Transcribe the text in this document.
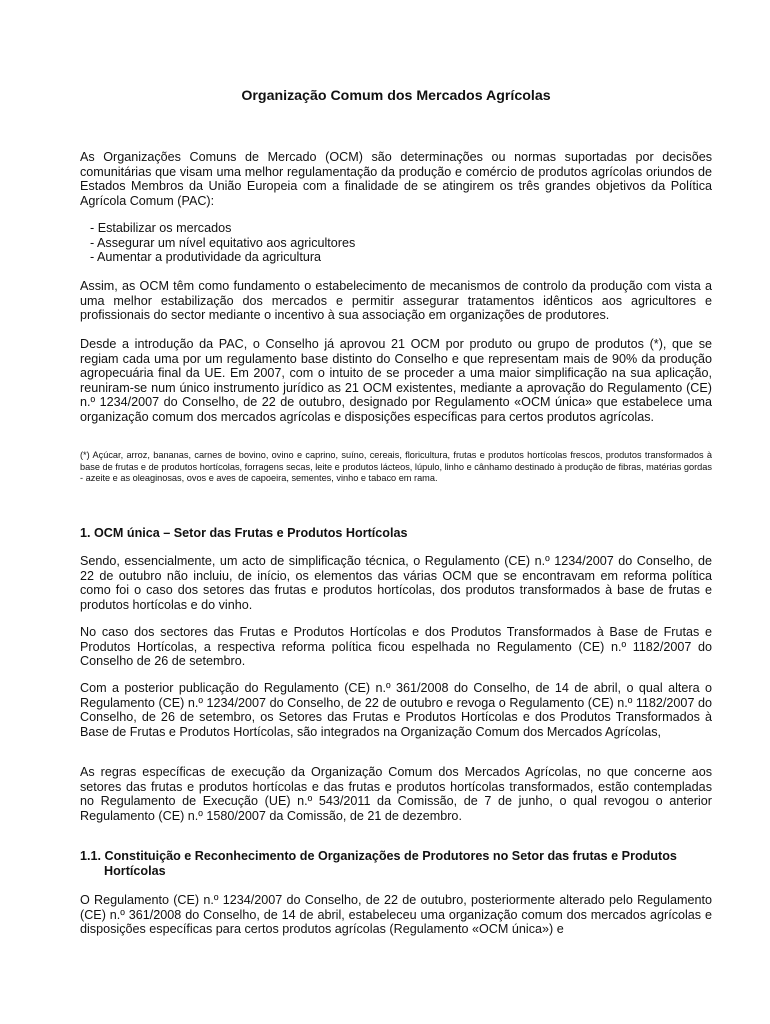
Organização Comum dos Mercados Agrícolas

As Organizações Comuns de Mercado (OCM) são determinações ou normas suportadas por decisões comunitárias que visam uma melhor regulamentação da produção e comércio de produtos agrícolas oriundos de Estados Membros da União Europeia com a finalidade de se atingirem os três grandes objetivos da Política Agrícola Comum (PAC):

- Estabilizar os mercados
- Assegurar um nível equitativo aos agricultores
- Aumentar a produtividade da agricultura

Assim, as OCM têm como fundamento o estabelecimento de mecanismos de controlo da produção com vista a uma melhor estabilização dos mercados e permitir assegurar tratamentos idênticos aos agricultores e profissionais do sector mediante o incentivo à sua associação em organizações de produtores.

Desde a introdução da PAC, o Conselho já aprovou 21 OCM por produto ou grupo de produtos (*), que se regiam cada uma por um regulamento base distinto do Conselho e que representam mais de 90% da produção agropecuária final da UE. Em 2007, com o intuito de se proceder a uma maior simplificação na sua aplicação, reuniram-se num único instrumento jurídico as 21 OCM existentes, mediante a aprovação do Regulamento (CE) n.º 1234/2007 do Conselho, de 22 de outubro, designado por Regulamento «OCM única» que estabelece uma organização comum dos mercados agrícolas e disposições específicas para certos produtos agrícolas.

(*) Açúcar, arroz, bananas, carnes de bovino, ovino e caprino, suíno, cereais, floricultura, frutas e produtos hortícolas frescos, produtos transformados à base de frutas e de produtos hortícolas, forragens secas, leite e produtos lácteos, lúpulo, linho e cânhamo destinado à produção de fibras, matérias gordas - azeite e as oleaginosas, ovos e aves de capoeira, sementes, vinho e tabaco em rama.

1. OCM única – Setor das Frutas e Produtos Hortícolas

Sendo, essencialmente, um acto de simplificação técnica, o Regulamento (CE) n.º 1234/2007 do Conselho, de 22 de outubro não incluiu, de início, os elementos das várias OCM que se encontravam em reforma política como foi o caso dos setores das frutas e produtos hortícolas, dos produtos transformados à base de frutas e produtos hortícolas e do vinho.

No caso dos sectores das Frutas e Produtos Hortícolas e dos Produtos Transformados à Base de Frutas e Produtos Hortícolas, a respectiva reforma política ficou espelhada no Regulamento (CE) n.º 1182/2007 do Conselho de 26 de setembro.

Com a posterior publicação do Regulamento (CE) n.º 361/2008 do Conselho, de 14 de abril, o qual altera o Regulamento (CE) n.º 1234/2007 do Conselho, de 22 de outubro e revoga o Regulamento (CE) n.º 1182/2007 do Conselho, de 26 de setembro, os Setores das Frutas e Produtos Hortícolas e dos Produtos Transformados à Base de Frutas e Produtos Hortícolas, são integrados na Organização Comum dos Mercados Agrícolas,

As regras específicas de execução da Organização Comum dos Mercados Agrícolas, no que concerne aos setores das frutas e produtos hortícolas e das frutas e produtos hortícolas transformados, estão contempladas no Regulamento de Execução (UE) n.º 543/2011 da Comissão, de 7 de junho, o qual revogou o anterior Regulamento (CE) n.º 1580/2007 da Comissão, de 21 de dezembro.

1.1. Constituição e Reconhecimento de Organizações de Produtores no Setor das frutas e Produtos
Hortícolas

O Regulamento (CE) n.º 1234/2007 do Conselho, de 22 de outubro, posteriormente alterado pelo Regulamento (CE) n.º 361/2008 do Conselho, de 14 de abril, estabeleceu uma organização comum dos mercados agrícolas e disposições específicas para certos produtos agrícolas (Regulamento «OCM única») e
